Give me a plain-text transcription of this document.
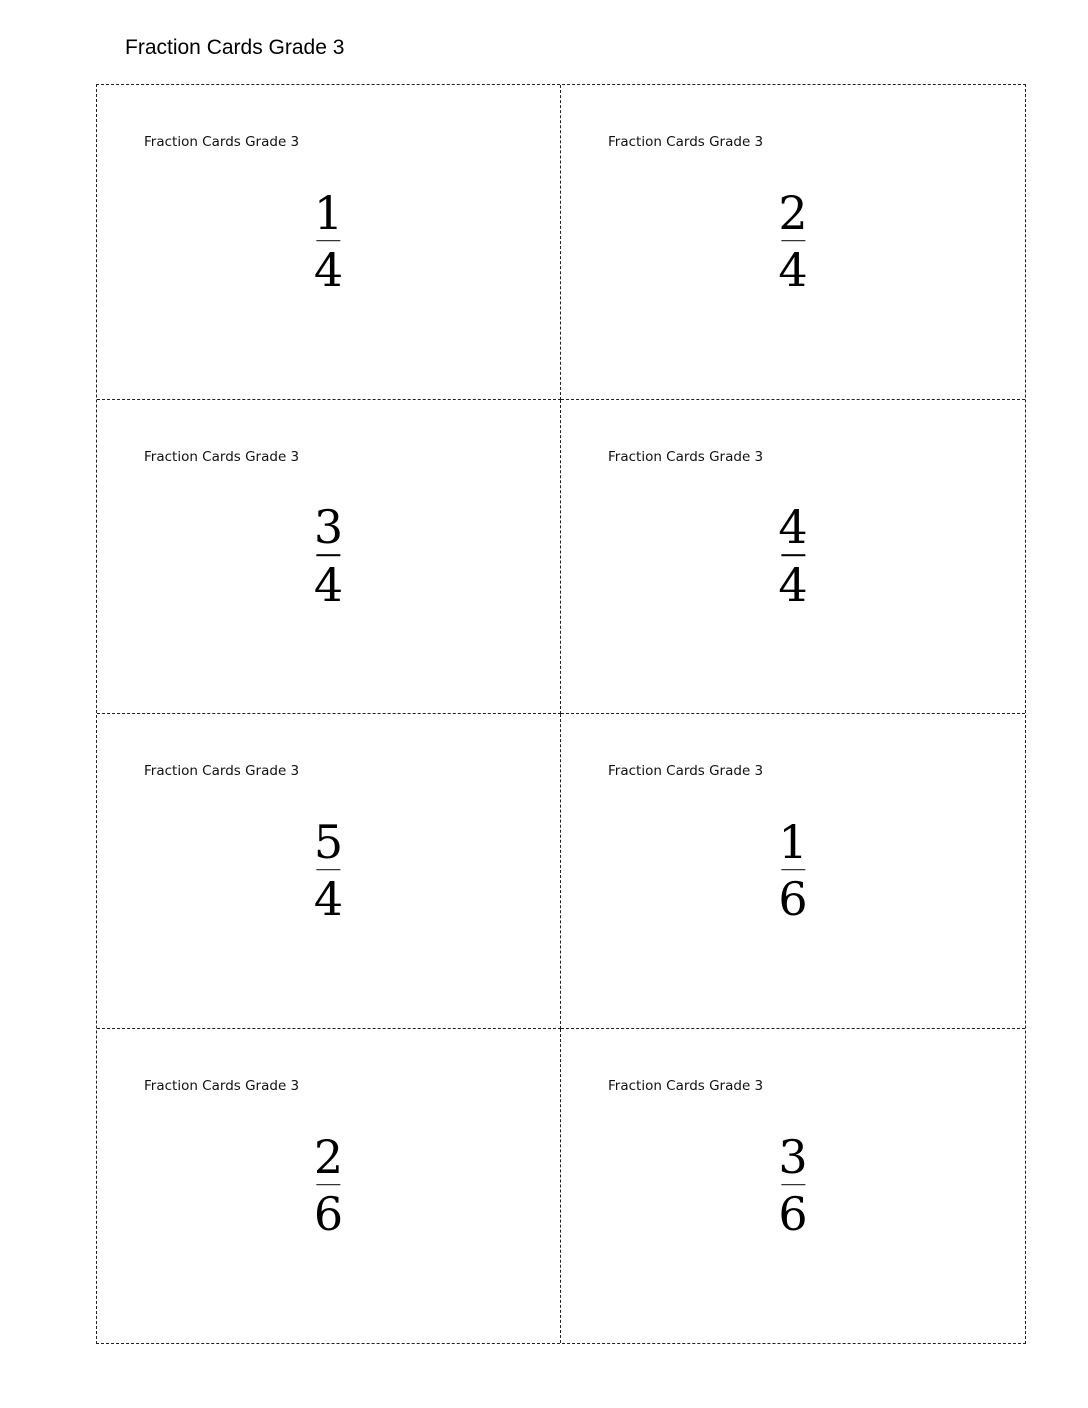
Fraction Cards Grade 3
Fraction Cards Grade 3
1
4
Fraction Cards Grade 3
2
4
Fraction Cards Grade 3
3
4
Fraction Cards Grade 3
4
4
Fraction Cards Grade 3
5
4
Fraction Cards Grade 3
1
6
Fraction Cards Grade 3
2
6
Fraction Cards Grade 3
3
6
